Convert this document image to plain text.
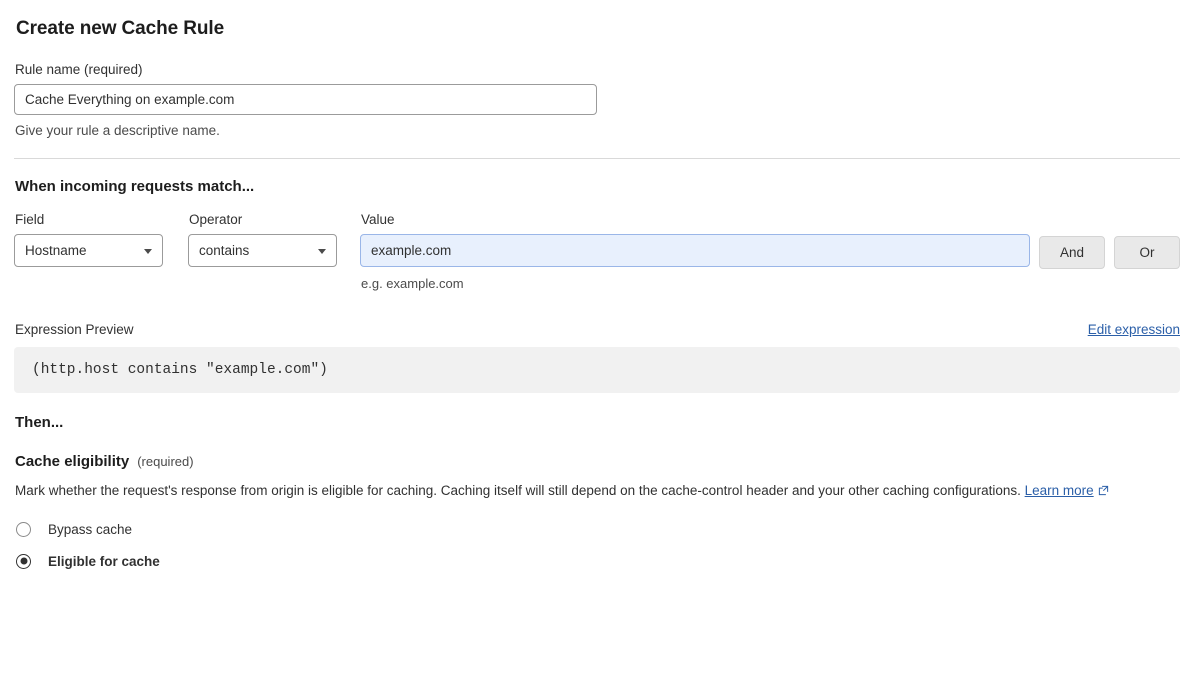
Create new Cache Rule
Rule name (required)
Cache Everything on example.com
Give your rule a descriptive name.
When incoming requests match...
Field
Hostname
Operator
contains
Value
example.com
e.g. example.com
And	Or
Expression Preview	Edit expression
(http.host contains "example.com")
Then...
Cache eligibility (required)
Mark whether the request's response from origin is eligible for caching. Caching itself will still depend on the cache-control header and your other caching configurations. Learn more
Bypass cache
Eligible for cache
